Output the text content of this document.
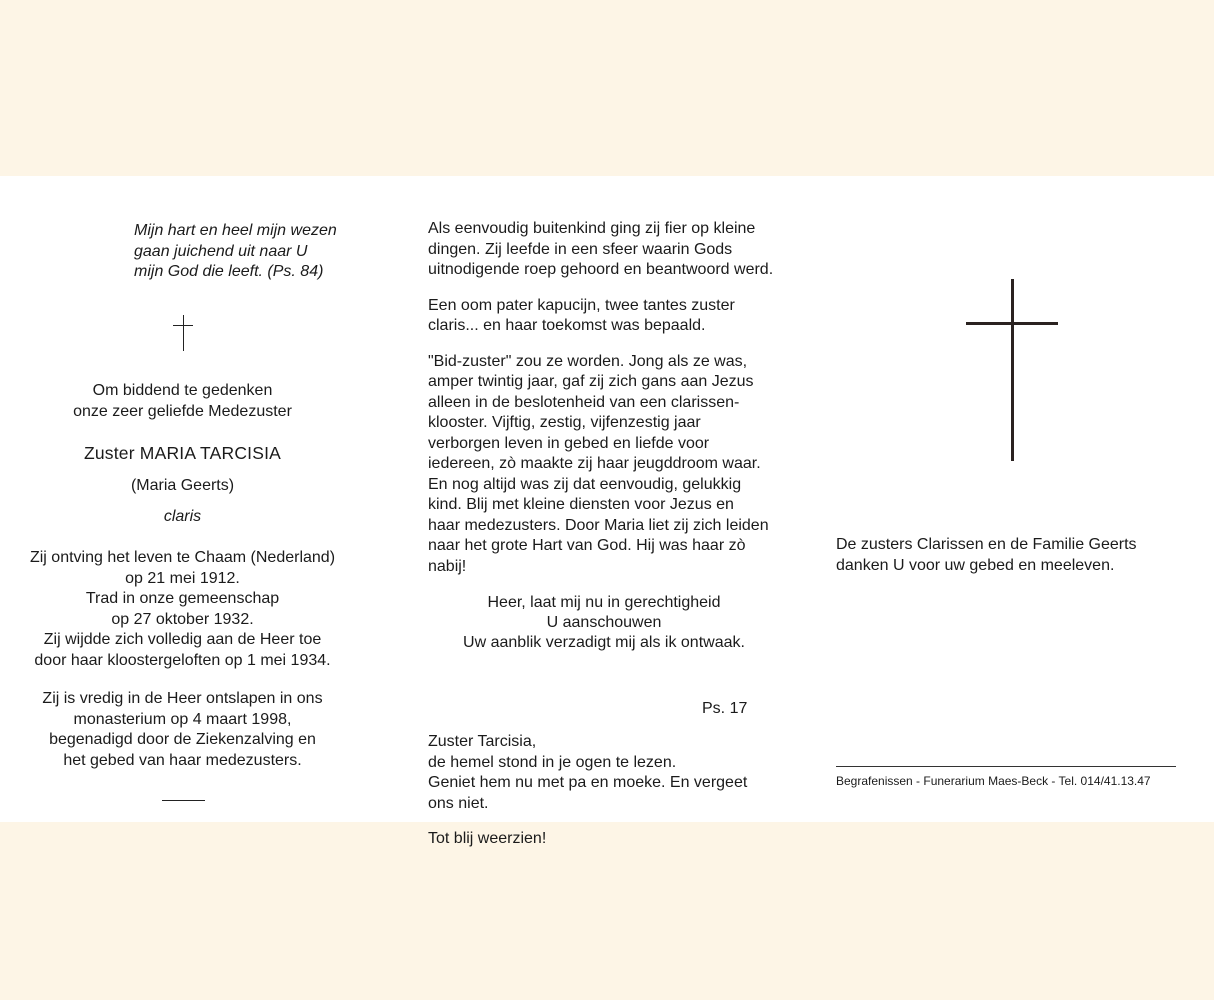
Mijn hart en heel mijn wezen

gaan juichend uit naar U

mijn God die leeft. (Ps. 84)

Om biddend te gedenken

onze zeer geliefde Medezuster

Zuster MARIA TARCISIA
(Maria Geerts)
claris

Zij ontving het leven te Chaam (Nederland)

op 21 mei 1912.

Trad in onze gemeenschap

op 27 oktober 1932.

Zij wijdde zich volledig aan de Heer toe

door haar kloostergeloften op 1 mei 1934.

Zij is vredig in de Heer ontslapen in ons

monasterium op 4 maart 1998,

begenadigd door de Ziekenzalving en

het gebed van haar medezusters.

Als eenvoudig buitenkind ging zij fier op kleine

dingen. Zij leefde in een sfeer waarin Gods

uitnodigende roep gehoord en beantwoord werd.

Een oom pater kapucijn, twee tantes zuster

claris... en haar toekomst was bepaald.

"Bid-zuster" zou ze worden. Jong als ze was,

amper twintig jaar, gaf zij zich gans aan Jezus

alleen in de beslotenheid van een clarissen-

klooster. Vijftig, zestig, vijfenzestig jaar

verborgen leven in gebed en liefde voor

iedereen, zò maakte zij haar jeugddroom waar.

En nog altijd was zij dat eenvoudig, gelukkig

kind. Blij met kleine diensten voor Jezus en

haar medezusters. Door Maria liet zij zich leiden

naar het grote Hart van God. Hij was haar zò

nabij!

Heer, laat mij nu in gerechtigheid

U aanschouwen

Uw aanblik verzadigt mij als ik ontwaak.

Ps. 17

Zuster Tarcisia,

de hemel stond in je ogen te lezen.

Geniet hem nu met pa en moeke. En vergeet

ons niet.

Tot blij weerzien!

De zusters Clarissen en de Familie Geerts

danken U voor uw gebed en meeleven.

Begrafenissen - Funerarium Maes-Beck - Tel. 014/41.13.47
